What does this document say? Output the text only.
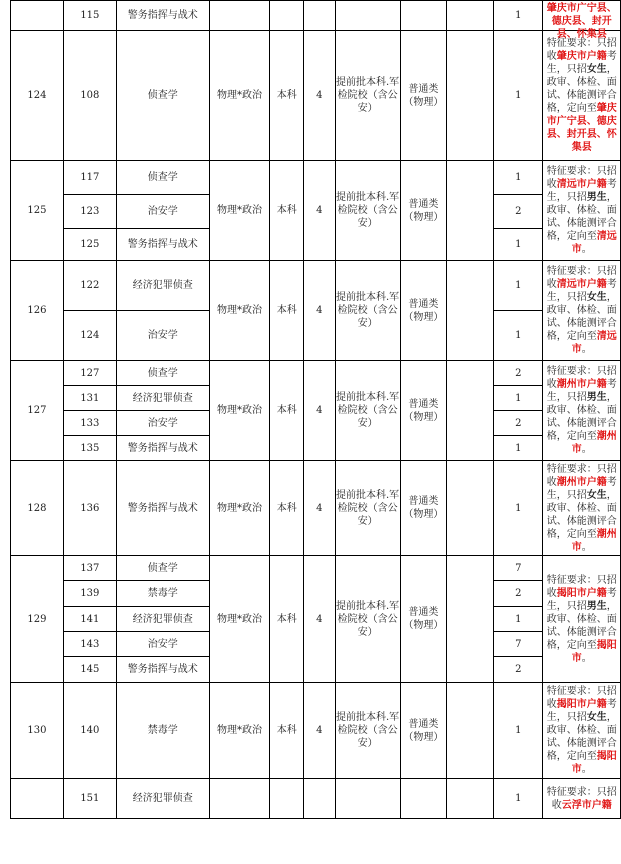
	115	警务指挥与战术							1	肇庆市广宁县、德庆县、封开县、怀集县

124	108	侦查学	物理*政治	本科	4	提前批本科.军检院校（含公安）	普通类（物理）		1	特征要求：只招收肇庆市户籍考生，只招女生，政审、体检、面试、体能测评合格，定向至肇庆市广宁县、德庆县、封开县、怀集县

125	117	侦查学	物理*政治	本科	4	提前批本科.军检院校（含公安）	普通类（物理）		1	特征要求：只招收清远市户籍考生，只招男生，政审、体检、面试、体能测评合格，定向至清远市。

	123	治安学							2	
	125	警务指挥与战术							1	
126	122	经济犯罪侦查	物理*政治	本科	4	提前批本科.军检院校（含公安）	普通类（物理）		1	特征要求：只招收清远市户籍考生，只招女生，政审、体检、面试、体能测评合格，定向至清远市。

	124	治安学							1	
127	127	侦查学	物理*政治	本科	4	提前批本科.军检院校（含公安）	普通类（物理）		2	特征要求：只招收潮州市户籍考生，只招男生，政审、体检、面试、体能测评合格，定向至潮州市。

	131	经济犯罪侦查							1	
	133	治安学							2	
	135	警务指挥与战术							1	
128	136	警务指挥与战术	物理*政治	本科	4	提前批本科.军检院校（含公安）	普通类（物理）		1	特征要求：只招收潮州市户籍考生，只招女生，政审、体检、面试、体能测评合格，定向至潮州市。

129	137	侦查学	物理*政治	本科	4	提前批本科.军检院校（含公安）	普通类（物理）		7	特征要求：只招收揭阳市户籍考生，只招男生，政审、体检、面试、体能测评合格，定向至揭阳市。

	139	禁毒学							2	
	141	经济犯罪侦查							1	
	143	治安学							7	
	145	警务指挥与战术							2	
130	140	禁毒学	物理*政治	本科	4	提前批本科.军检院校（含公安）	普通类（物理）		1	特征要求：只招收揭阳市户籍考生，只招女生，政审、体检、面试、体能测评合格，定向至揭阳市。

	151	经济犯罪侦查							1	特征要求：只招收云浮市户籍
